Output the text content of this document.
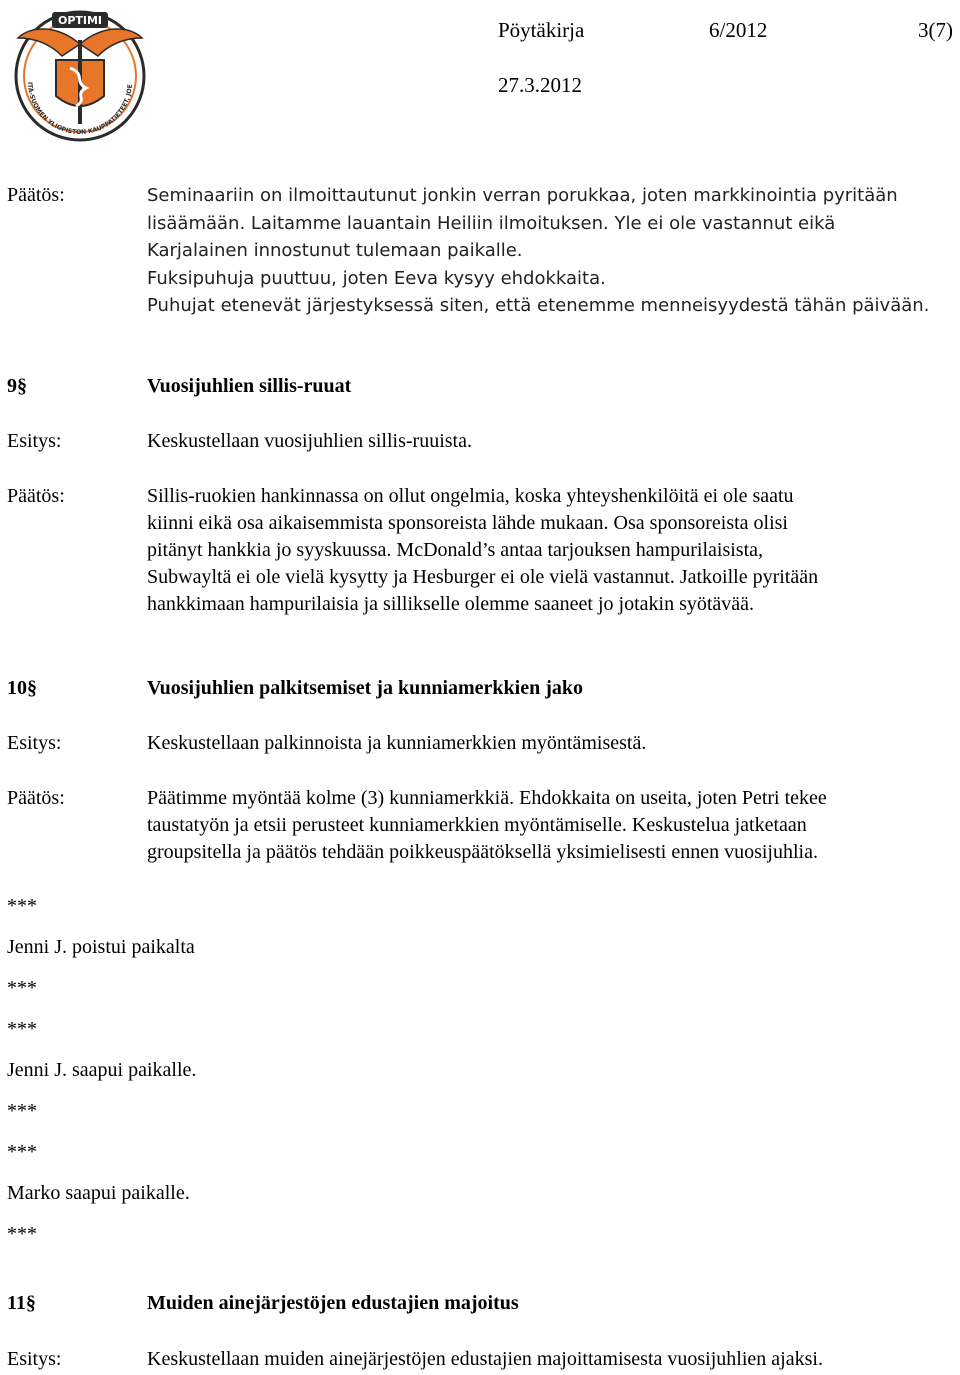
OPTIMI
ITÄ-SUOMEN YLIOPISTON KAUPPATIETEET, JOE
Pöytäkirja	6/2012	3(7)
27.3.2012
Päätös:	Seminaariin on ilmoittautunut jonkin verran porukkaa, joten markkinointia pyritään
lisäämään. Laitamme lauantain Heiliin ilmoituksen. Yle ei ole vastannut eikä
Karjalainen innostunut tulemaan paikalle.
Fuksipuhuja puuttuu, joten Eeva kysyy ehdokkaita.
Puhujat etenevät järjestyksessä siten, että etenemme menneisyydestä tähän päivään.
9§	Vuosijuhlien sillis-ruuat
Esitys:	Keskustellaan vuosijuhlien sillis-ruuista.
Päätös:	Sillis-ruokien hankinnassa on ollut ongelmia, koska yhteyshenkilöitä ei ole saatu
kiinni eikä osa aikaisemmista sponsoreista lähde mukaan. Osa sponsoreista olisi
pitänyt hankkia jo syyskuussa. McDonald’s antaa tarjouksen hampurilaisista,
Subwayltä ei ole vielä kysytty ja Hesburger ei ole vielä vastannut. Jatkoille pyritään
hankkimaan hampurilaisia ja sillikselle olemme saaneet jo jotakin syötävää.
10§	Vuosijuhlien palkitsemiset ja kunniamerkkien jako
Esitys:	Keskustellaan palkinnoista ja kunniamerkkien myöntämisestä.
Päätös:	Päätimme myöntää kolme (3) kunniamerkkiä. Ehdokkaita on useita, joten Petri tekee
taustatyön ja etsii perusteet kunniamerkkien myöntämiselle. Keskustelua jatketaan
groupsitella ja päätös tehdään poikkeuspäätöksellä yksimielisesti ennen vuosijuhlia.
***
Jenni J. poistui paikalta
***
***
Jenni J. saapui paikalle.
***
***
Marko saapui paikalle.
***
11§	Muiden ainejärjestöjen edustajien majoitus
Esitys:	Keskustellaan muiden ainejärjestöjen edustajien majoittamisesta vuosijuhlien ajaksi.
